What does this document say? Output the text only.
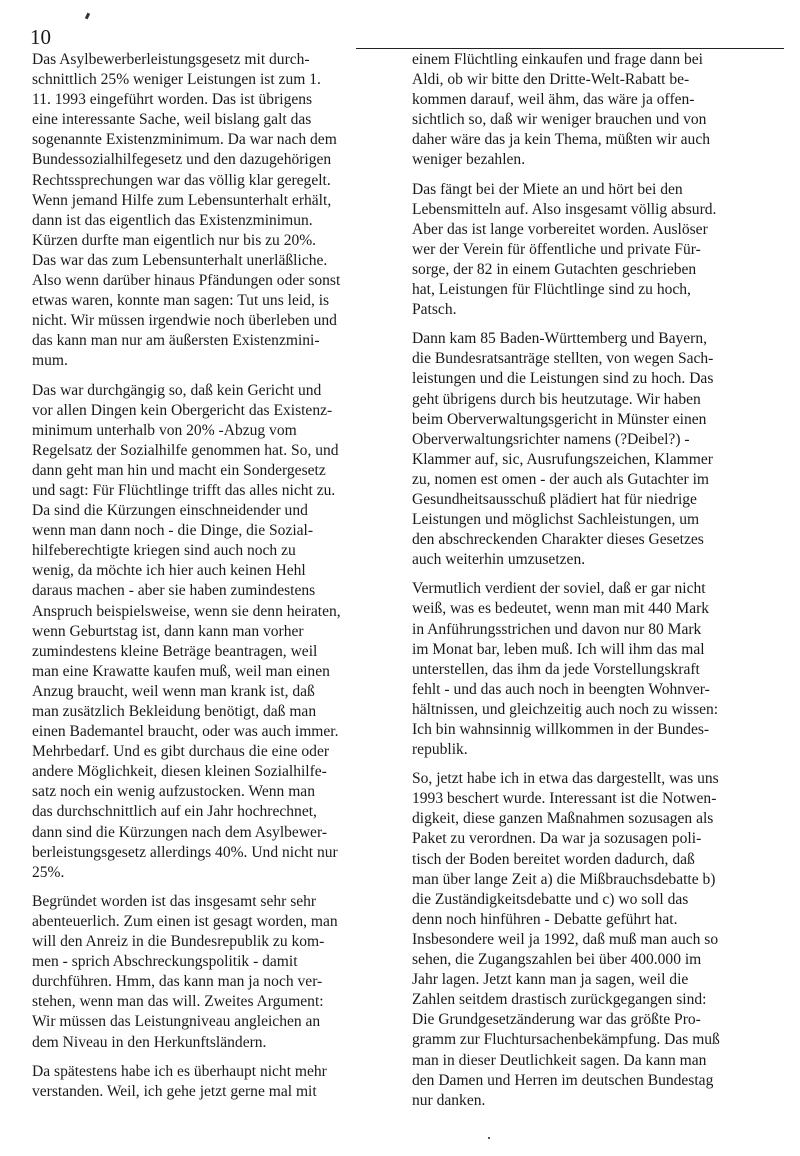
10
Das Asylbewerberleistungsgesetz mit durch-
schnittlich 25% weniger Leistungen ist zum 1.
11. 1993 eingeführt worden. Das ist übrigens
eine interessante Sache, weil bislang galt das
sogenannte Existenzminimum. Da war nach dem
Bundessozialhilfegesetz und den dazugehörigen
Rechtssprechungen war das völlig klar geregelt.
Wenn jemand Hilfe zum Lebensunterhalt erhält,
dann ist das eigentlich das Existenzminimun.
Kürzen durfte man eigentlich nur bis zu 20%.
Das war das zum Lebensunterhalt unerläßliche.
Also wenn darüber hinaus Pfändungen oder sonst
etwas waren, konnte man sagen: Tut uns leid, is
nicht. Wir müssen irgendwie noch überleben und
das kann man nur am äußersten Existenzmini-
mum.
Das war durchgängig so, daß kein Gericht und
vor allen Dingen kein Obergericht das Existenz-
minimum unterhalb von 20% -Abzug vom
Regelsatz der Sozialhilfe genommen hat. So, und
dann geht man hin und macht ein Sondergesetz
und sagt: Für Flüchtlinge trifft das alles nicht zu.
Da sind die Kürzungen einschneidender und
wenn man dann noch - die Dinge, die Sozial-
hilfeberechtigte kriegen sind auch noch zu
wenig, da möchte ich hier auch keinen Hehl
daraus machen - aber sie haben zumindestens
Anspruch beispielsweise, wenn sie denn heiraten,
wenn Geburtstag ist, dann kann man vorher
zumindestens kleine Beträge beantragen, weil
man eine Krawatte kaufen muß, weil man einen
Anzug braucht, weil wenn man krank ist, daß
man zusätzlich Bekleidung benötigt, daß man
einen Bademantel braucht, oder was auch immer.
Mehrbedarf. Und es gibt durchaus die eine oder
andere Möglichkeit, diesen kleinen Sozialhilfe-
satz noch ein wenig aufzustocken. Wenn man
das durchschnittlich auf ein Jahr hochrechnet,
dann sind die Kürzungen nach dem Asylbewer-
berleistungsgesetz allerdings 40%. Und nicht nur
25%.
Begründet worden ist das insgesamt sehr sehr
abenteuerlich. Zum einen ist gesagt worden, man
will den Anreiz in die Bundesrepublik zu kom-
men - sprich Abschreckungspolitik - damit
durchführen. Hmm, das kann man ja noch ver-
stehen, wenn man das will. Zweites Argument:
Wir müssen das Leistungniveau angleichen an
dem Niveau in den Herkunftsländern.
Da spätestens habe ich es überhaupt nicht mehr
verstanden. Weil, ich gehe jetzt gerne mal mit
einem Flüchtling einkaufen und frage dann bei
Aldi, ob wir bitte den Dritte-Welt-Rabatt be-
kommen darauf, weil ähm, das wäre ja offen-
sichtlich so, daß wir weniger brauchen und von
daher wäre das ja kein Thema, müßten wir auch
weniger bezahlen.
Das fängt bei der Miete an und hört bei den
Lebensmitteln auf. Also insgesamt völlig absurd.
Aber das ist lange vorbereitet worden. Auslöser
wer der Verein für öffentliche und private Für-
sorge, der 82 in einem Gutachten geschrieben
hat, Leistungen für Flüchtlinge sind zu hoch,
Patsch.
Dann kam 85 Baden-Württemberg und Bayern,
die Bundesratsanträge stellten, von wegen Sach-
leistungen und die Leistungen sind zu hoch. Das
geht übrigens durch bis heutzutage. Wir haben
beim Oberverwaltungsgericht in Münster einen
Oberverwaltungsrichter namens (?Deibel?) -
Klammer auf, sic, Ausrufungszeichen, Klammer
zu, nomen est omen - der auch als Gutachter im
Gesundheitsausschuß plädiert hat für niedrige
Leistungen und möglichst Sachleistungen, um
den abschreckenden Charakter dieses Gesetzes
auch weiterhin umzusetzen.
Vermutlich verdient der soviel, daß er gar nicht
weiß, was es bedeutet, wenn man mit 440 Mark
in Anführungsstrichen und davon nur 80 Mark
im Monat bar, leben muß. Ich will ihm das mal
unterstellen, das ihm da jede Vorstellungskraft
fehlt - und das auch noch in beengten Wohnver-
hältnissen, und gleichzeitig auch noch zu wissen:
Ich bin wahnsinnig willkommen in der Bundes-
republik.
So, jetzt habe ich in etwa das dargestellt, was uns
1993 beschert wurde. Interessant ist die Notwen-
digkeit, diese ganzen Maßnahmen sozusagen als
Paket zu verordnen. Da war ja sozusagen poli-
tisch der Boden bereitet worden dadurch, daß
man über lange Zeit a) die Mißbrauchsdebatte b)
die Zuständigkeitsdebatte und c) wo soll das
denn noch hinführen - Debatte geführt hat.
Insbesondere weil ja 1992, daß muß man auch so
sehen, die Zugangszahlen bei über 400.000 im
Jahr lagen. Jetzt kann man ja sagen, weil die
Zahlen seitdem drastisch zurückgegangen sind:
Die Grundgesetzänderung war das größte Pro-
gramm zur Fluchtursachenbekämpfung. Das muß
man in dieser Deutlichkeit sagen. Da kann man
den Damen und Herren im deutschen Bundestag
nur danken.
